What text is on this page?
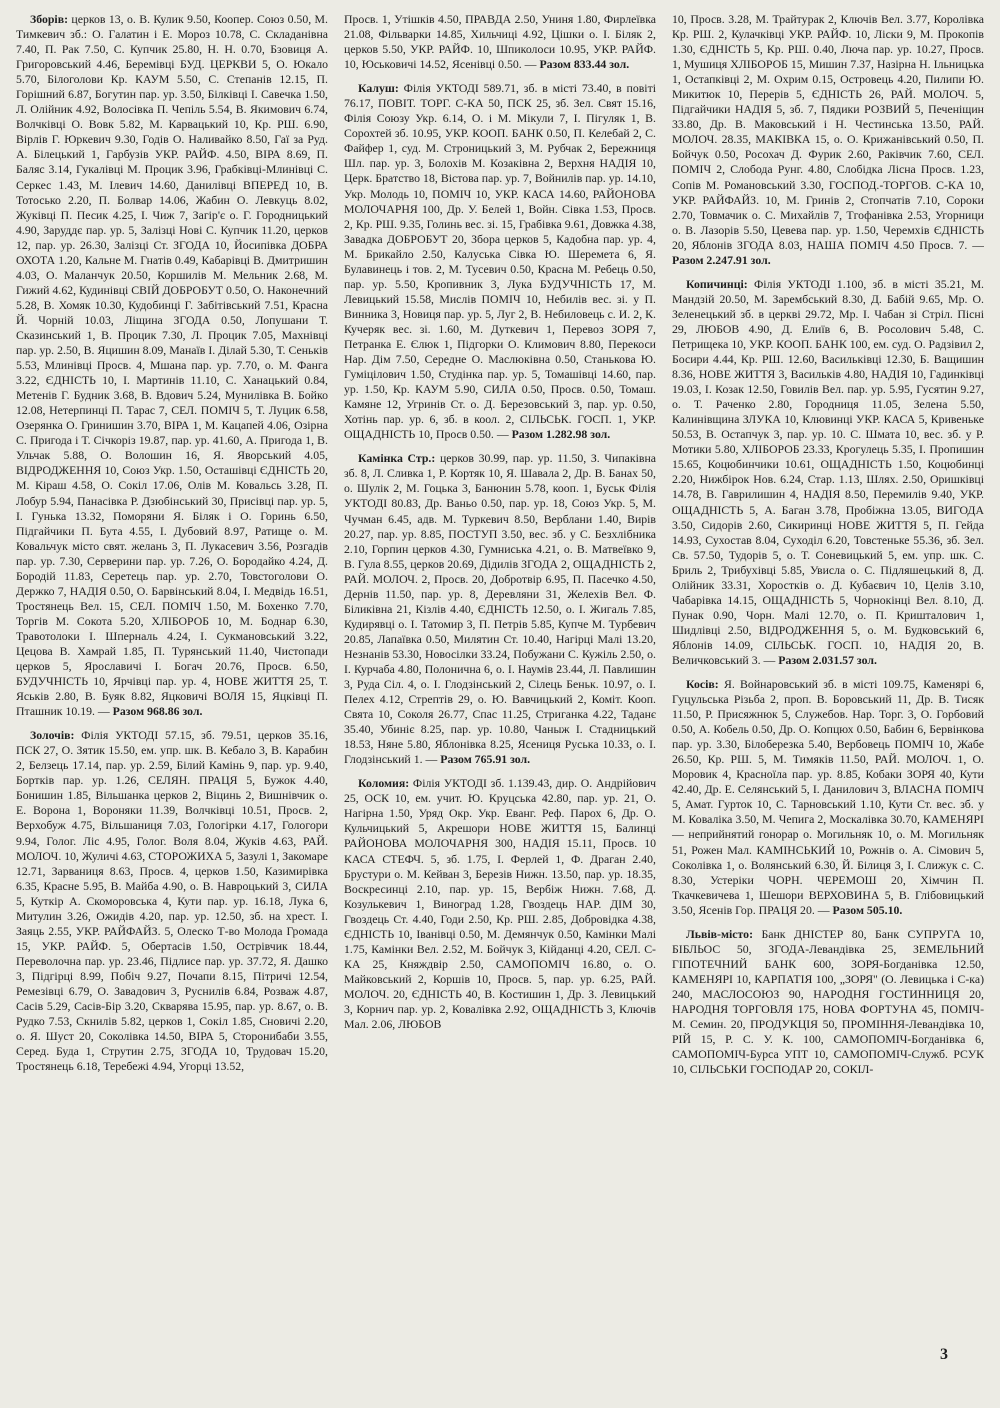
Зборів: церков 13, о. В. Кулик 9.50, Коопер. Союз 0.50, М. Тимкевич зб.: О. Галатин і Е. Мороз 10.78, С. Складанівна 7.40, П. Рак 7.50, С. Купчик 25.80, Н. Н. 0.70, Бзовиця А. Григоровський 4.46, Беремівці БУД. ЦЕРКВИ 5, О. Юкало 5.70, Білоголови Кр. КАУМ 5.50, С. Степанів 12.15, П. Горішний 6.87, Богутин пар. ур. 3.50, Білківці І. Савечка 1.50, Л. Олійник 4.92, Волосівка П. Чепіль 5.54, В. Якимович 6.74, Волчківці О. Вовк 5.82, М. Карвацький 10, Кр. РШ. 6.90, Вірлів Г. Юркевич 9.30, Годів О. Наливайко 8.50, Гаї за Руд. А. Білецький 1, Гарбузів УКР. РАЙФ. 4.50, ВІРА 8.69, П. Баляс 3.14, Гукалівці М. Процик 3.96, Грабківці-Млинівці С. Серкес 1.43, М. Ілевич 14.60, Данилівці ВПЕРЕД 10, В. Тотосько 2.20, П. Болвар 14.06, Жабин О. Левкуць 8.02, Жуківці П. Песик 4.25, І. Чиж 7, Загір'є о. Г. Городницький 4.90, Заруддє пар. ур. 5, Залізці Нові С. Купчик 11.20, церков 12, пар. ур. 26.30, Залізці Ст. ЗГОДА 10, Йосипівка ДОБРА ОХОТА 1.20, Кальне М. Гнатів 0.49, Кабарівці В. Дмитришин 4.03, О. Маланчук 20.50, Коршилів М. Мельник 2.68, М. Гижий 4.62, Кудинівці СВІЙ ДОБРОБУТ 0.50, О. Наконечний 5.28, В. Хомяк 10.30, Кудобинці Г. Забітівський 7.51, Красна Й. Чорній 10.03, Ліщина ЗГОДА 0.50, Лопушани Т. Сказинський 1, В. Процик 7.30, Л. Процик 7.05, Махнівці пар. ур. 2.50, В. Яцишин 8.09, Манаїв І. Ділай 5.30, Т. Сенькiв 5.53, Млинівці Просв. 4, Мшана пар. ур. 7.70, о. М. Фанга 3.22, ЄДНІСТЬ 10, І. Мартинів 11.10, С. Ханацький 0.84, Метенів Г. Будник 3.68, В. Вдович 5.24, Мунилівка В. Бойко 12.08, Нетерпинці П. Тарас 7, СЕЛ. ПОМІЧ 5, Т. Луцик 6.58, Озерянка О. Гринишин 3.70, ВІРА 1, М. Кацапей 4.06, Озірна С. Пригода і Т. Січкоріз 19.87, пар. ур. 41.60, А. Пригода 1, В. Ульчак 5.88, О. Волошин 16, Я. Яворський 4.05, ВІДРОДЖЕННЯ 10, Союз Укр. 1.50, Осташівці ЄДНІСТЬ 20, М. Кіраш 4.58, О. Сокіл 17.06, Олів М. Ковальсь 3.28, П. Лобур 5.94, Панасівка Р. Дзюбінський 30, Присівці пар. ур. 5, І. Гунька 13.32, Поморяни Я. Біляк і О. Горинь 6.50, Підгайчики П. Бута 4.55, І. Дубовий 8.97, Ратище о. М. Ковальчук місто свят. желань 3, П. Лукасевич 3.56, Розгадів пар. ур. 7.30, Серверини пар. ур. 7.26, О. Бородайко 4.24, Д. Бородій 11.83, Серетець пар. ур. 2.70, Товстоголови О. Держко 7, НАДІЯ 0.50, О. Барвінський 8.04, І. Медвідь 16.51, Тростянець Вел. 15, СЕЛ. ПОМІЧ 1.50, М. Бохенко 7.70, Торгів М. Сокота 5.20, ХЛІБОРОБ 10, М. Боднар 6.30, Травотолоки І. Шперналь 4.24, І. Сукмановський 3.22, Цецова В. Хамрай 1.85, П. Турянський 11.40, Чистопади церков 5, Ярославичі І. Богач 20.76, Просв. 6.50, БУДУЧНІСТЬ 10, Ярчівці пар. ур. 4, НОВЕ ЖИТТЯ 25, Т. Яськів 2.80, В. Буяк 8.82, Яцковичі ВОЛЯ 15, Яцківці П. Пташник 10.19. — Разом 968.86 зол.

Золочів: Філія УКТОДІ 57.15, зб. 79.51, церков 35.16, ПСК 27, О. Зятик 15.50, ем. упр. шк. В. Кебало 3, В. Карабин 2, Белзець 17.14, пар. ур. 2.59, Білий Камінь 9, пар. ур. 9.40, Бортків пар. ур. 1.26, СЕЛЯН. ПРАЦЯ 5, Бужок 4.40, Бонишин 1.85, Вільшанка церков 2, Віцинь 2, Вишнівчик о. Е. Ворона 1, Вороняки 11.39, Волчківці 10.51, Просв. 2, Верхобуж 4.75, Вільшаниця 7.03, Гологірки 4.17, Гологори 9.94, Голог. Ліс 4.95, Голог. Воля 8.04, Жуків 4.63, РАЙ. МОЛОЧ. 10, Жуличі 4.63, СТОРОЖИХА 5, Зазулі 1, Закомаре 12.71, Зарваниця 8.63, Просв. 4, церков 1.50, Казимирівка 6.35, Красне 5.95, В. Майба 4.90, о. В. Навроцький 3, СИЛА 5, Куткір А. Скоморовська 4, Кути пар. ур. 16.18, Лука 6, Митулин 3.26, Ожидів 4.20, пар. ур. 12.50, зб. на хрест. І. Заяць 2.55, УКР. РАЙФАЙЗ. 5, Олеско Т-во Молода Громада 15, УКР. РАЙФ. 5, Обертасів 1.50, Острівчик 18.44, Переволочна пар. ур. 23.46, Підлисе пар. ур. 37.72, Я. Дашко 3, Підгірці 8.99, Побіч 9.27, Почапи 8.15, Пітричі 12.54, Ремезівці 6.79, О. Завадович 3, Руснилів 6.84, Розваж 4.87, Сасів 5.29, Сасів-Бір 3.20, Скварява 15.95, пар. ур. 8.67, о. В. Рудко 7.53, Скнилів 5.82, церков 1, Сокіл 1.85, Сновичі 2.20, о. Я. Шуст 20, Соколівка 14.50, ВІРА 5, Сторонибаби 3.55, Серед. Буда 1, Струтин 2.75, ЗГОДА 10, Трудовач 15.20, Тростянець 6.18, Теребежі 4.94, Угорці 13.52,

Просв. 1, Утішків 4.50, ПРАВДА 2.50, Униня 1.80, Фирлеївка 21.08, Фільварки 14.85, Хильчиці 4.92, Цішки о. І. Біляк 2, церков 5.50, УКР. РАЙФ. 10, Шпиколоси 10.95, УКР. РАЙФ. 10, Юськовичі 14.52, Ясенівці 0.50. — Разом 833.44 зол.

Калуш: Філія УКТОДІ 589.71, зб. в місті 73.40, в повіті 76.17, ПОВІТ. ТОРГ. С-КА 50, ПСК 25, зб. Зел. Свят 15.16, Філія Союзу Укр. 6.14, О. і М. Мікули 7, І. Пігуляк 1, В. Сорохтей зб. 10.95, УКР. КООП. БАНК 0.50, П. Келебай 2, С. Файфер 1, суд. М. Строницький 3, М. Рубчак 2, Бережниця Шл. пар. ур. 3, Болохів М. Козаківна 2, Верхня НАДІЯ 10, Церк. Братство 18, Вістова пар. ур. 7, Войнилів пар. ур. 14.10, Укр. Молодь 10, ПОМІЧ 10, УКР. КАСА 14.60, РАЙОНОВА МОЛОЧАРНЯ 100, Др. У. Белей 1, Войн. Сівка 1.53, Просв. 2, Кр. РШ. 9.35, Голинь вес. зі. 15, Грабівка 9.61, Довжка 4.38, Завадка ДОБРОБУТ 20, Збора церков 5, Кадобна пар. ур. 4, М. Брикайло 2.50, Калуська Сівка Ю. Шеремета 6, Я. Булавинець і тов. 2, М. Тусевич 0.50, Красна М. Ребець 0.50, пар. ур. 5.50, Кропивник 3, Лука БУДУЧНІСТЬ 17, М. Левицький 15.58, Мислів ПОМІЧ 10, Небилів вес. зі. у П. Винника 3, Новиця пар. ур. 5, Луг 2, В. Небиловець с. И. 2, К. Кучеряк вес. зі. 1.60, М. Дуткевич 1, Перевоз ЗОРЯ 7, Петранка Е. Єлюк 1, Підгорки О. Климович 8.80, Перекоси Нар. Дім 7.50, Середне О. Маслюківна 0.50, Станькова Ю. Гуміцілович 1.50, Студінка пар. ур. 5, Томашівці 14.60, пар. ур. 1.50, Кр. КАУМ 5.90, СИЛА 0.50, Просв. 0.50, Томаш. Камяне 12, Угринів Ст. о. Д. Березовський 3, пар. ур. 0.50, Хотінь пар. ур. 6, зб. в коол. 2, СІЛЬСЬК. ГОСП. 1, УКР. ОЩАДНІСТЬ 10, Просв 0.50. — Разом 1.282.98 зол.

Камінка Стр.: церков 30.99, пар. ур. 11.50, З. Чипаківна зб. 8, Л. Сливка 1, Р. Кортяк 10, Я. Шавала 2, Др. В. Банах 50, о. Шулік 2, М. Гоцька 3, Банюнин 5.78, кооп. 1, Буськ Філія УКТОДІ 80.83, Др. Ваньо 0.50, пар. ур. 18, Союз Укр. 5, М. Чучман 6.45, адв. М. Туркевич 8.50, Верблани 1.40, Вирів 20.27, пар. ур. 8.85, ПОСТУП 3.50, вес. зб. у С. Безхлібника 2.10, Горпин церков 4.30, Гумниська 4.21, о. В. Матвеївко 9, В. Гула 8.55, церков 20.69, Дідилів ЗГОДА 2, ОЩАДНІСТЬ 2, РАЙ. МОЛОЧ. 2, Просв. 20, Добротвір 6.95, П. Пасечко 4.50, Дернів 11.50, пар. ур. 8, Деревляни 31, Желехів Вел. Ф. Біликівна 21, Кізлів 4.40, ЄДНІСТЬ 12.50, о. І. Жигаль 7.85, Кудирявці о. І. Татомир 3, П. Петрів 5.85, Купче М. Турбевич 20.85, Лапаївка 0.50, Милятин Ст. 10.40, Нагірці Малі 13.20, Незнанів 53.30, Новосілки 33.24, Побужани С. Кужіль 2.50, о. І. Курчаба 4.80, Полонична 6, о. І. Наумів 23.44, Л. Павлишин 3, Руда Сіл. 4, о. І. Глодзінський 2, Сілець Беньк. 10.97, о. І. Пелех 4.12, Стрептів 29, о. Ю. Вавчицький 2, Коміт. Кооп. Свята 10, Соколя 26.77, Спас 11.25, Стриганка 4.22, Таданє 35.40, Убиніє 8.25, пар. ур. 10.80, Чаныж І. Стадницький 18.53, Няне 5.80, Яблонівка 8.25, Ясениця Руська 10.33, о. І. Глодзінський 1. — Разом 765.91 зол.

Коломия: Філія УКТОДІ зб. 1.139.43, дир. О. Андрійович 25, ОСК 10, ем. учит. Ю. Круцська 42.80, пар. ур. 21, О. Нагірна 1.50, Уряд Окр. Укр. Еванг. Реф. Парох 6, Др. О. Кульчицький 5, Акрешори НОВЕ ЖИТТЯ 15, Балинці РАЙОНОВА МОЛОЧАРНЯ 300, НАДІЯ 15.11, Просв. 10 КАСА СТЕФЧ. 5, зб. 1.75, І. Ферлей 1, Ф. Драган 2.40, Брустури о. М. Кейван 3, Березів Нижн. 13.50, пар. ур. 18.35, Воскресинці 2.10, пар. ур. 15, Вербіж Нижн. 7.68, Д. Козулькевич 1, Виноград 1.28, Гвоздець НАР. ДІМ 30, Гвоздець Ст. 4.40, Годи 2.50, Кр. РШ. 2.85, Добровідка 4.38, ЄДНІСТЬ 10, Іванівці 0.50, М. Демянчук 0.50, Камінки Малі 1.75, Камінки Вел. 2.52, М. Бойчук 3, Кійданці 4.20, СЕЛ. С-КА 25, Княждвір 2.50, САМОПОМІЧ 16.80, о. О. Майковський 2, Коршів 10, Просв. 5, пар. ур. 6.25, РАЙ. МОЛОЧ. 20, ЄДНІСТЬ 40, В. Костишин 1, Др. З. Левицький 3, Корнич пар. ур. 2, Ковалівка 2.92, ОЩАДНІСТЬ 3, Ключів Мал. 2.06, ЛЮБОВ

10, Просв. 3.28, М. Трайтурак 2, Ключів Вел. 3.77, Королівка Кр. РШ. 2, Кулачківці УКР. РАЙФ. 10, Ліски 9, М. Прокопів 1.30, ЄДНІСТЬ 5, Кр. РШ. 0.40, Люча пар. ур. 10.27, Просв. 1, Мушиця ХЛІБОРОБ 15, Мишин 7.37, Назірна Н. Ільницька 1, Остапківці 2, М. Охрим 0.15, Островець 4.20, Пилипи Ю. Микитюк 10, Перерів 5, ЄДНІСТЬ 26, РАЙ. МОЛОЧ. 5, Підгайчики НАДІЯ 5, зб. 7, Пядики РОЗВИЙ 5, Печеніщин 33.80, Др. В. Маковський і Н. Честинська 13.50, РАЙ. МОЛОЧ. 28.35, МАКІВКА 15, о. О. Крижанівський 0.50, П. Бойчук 0.50, Росохач Д. Фурик 2.60, Раківчик 7.60, СЕЛ. ПОМІЧ 2, Слобода Рунг. 4.80, Слобідка Лісна Просв. 1.23, Сопів М. Романовський 3.30, ГОСПОД.-ТОРГОВ. С-КА 10, УКР. РАЙФАЙЗ. 10, М. Гринів 2, Стопчатів 7.10, Сороки 2.70, Товмачик о. С. Михайлів 7, Тгофанівка 2.53, Угорници о. В. Лазорів 5.50, Цевева пар. ур. 1.50, Черемхів ЄДНІСТЬ 20, Яблонів ЗГОДА 8.03, НАША ПОМІЧ 4.50 Просв. 7. — Разом 2.247.91 зол.

Копичинці: Філія УКТОДІ 1.100, зб. в місті 35.21, М. Мандзій 20.50, М. Зарембський 8.30, Д. Бабій 9.65, Мр. О. Зеленецький зб. в церкві 29.72, Мр. І. Чабан зі Стріл. Пісні 29, ЛЮБОВ 4.90, Д. Елиїв 6, В. Росолович 5.48, С. Петрищека 10, УКР. КООП. БАНК 100, ем. суд. О. Радзівил 2, Босири 4.44, Кр. РШ. 12.60, Васильківці 12.30, Б. Ващишин 8.36, НОВЕ ЖИТТЯ 3, Васильків 4.80, НАДІЯ 10, Гадинківці 19.03, І. Козак 12.50, Говилів Вел. пар. ур. 5.95, Гусятин 9.27, о. Т. Раченко 2.80, Городниця 11.05, Зелена 5.50, Калинівщина ЗЛУКА 10, Клювинці УКР. КАСА 5, Кривеньке 50.53, В. Остапчук 3, пар. ур. 10. С. Шмата 10, вес. зб. у Р. Мотики 5.80, ХЛІБОРОБ 23.33, Крогулець 5.35, І. Пропишин 15.65, Коцюбинчики 10.61, ОЩАДНІСТЬ 1.50, Коцюбинці 2.20, Нижбірок Нов. 6.24, Стар. 1.13, Шлях. 2.50, Оришківці 14.78, В. Гаврилишин 4, НАДІЯ 8.50, Перемилів 9.40, УКР. ОЩАДНІСТЬ 5, А. Баган 3.78, Пробіжна 13.05, ВИГОДА 3.50, Сидорів 2.60, Сикиринці НОВЕ ЖИТТЯ 5, П. Гейда 14.93, Сухостав 8.04, Суходіл 6.20, Товстеньке 55.36, зб. Зел. Св. 57.50, Тудорів 5, о. Т. Соневицький 5, ем. упр. шк. С. Бриль 2, Трибухівці 5.85, Увисла о. С. Підляшецький 8, Д. Олійник 33.31, Хоростків о. Д. Кубаєвич 10, Целів 3.10, Чабарівка 14.15, ОЩАДНІСТЬ 5, Чорнокінці Вел. 8.10, Д. Пунак 0.90, Чорн. Малі 12.70, о. П. Кришталович 1, Шидлівці 2.50, ВІДРОДЖЕННЯ 5, о. М. Будковський 6, Яблонів 14.09, СІЛЬСЬК. ГОСП. 10, НАДІЯ 20, В. Величковський 3. — Разом 2.031.57 зол.

Косів: Я. Войнаровський зб. в місті 109.75, Каменярі 6, Гуцульська Різьба 2, проп. В. Боровський 11, Др. В. Тисяк 11.50, Р. Присяжнюк 5, Служебов. Нар. Торг. 3, О. Горбовий 0.50, А. Кобель 0.50, Др. О. Копцюх 0.50, Бабин 6, Бервінкова пар. ур. 3.30, Білоберезка 5.40, Вербовець ПОМІЧ 10, Жабе 26.50, Кр. РШ. 5, М. Тимяків 11.50, РАЙ. МОЛОЧ. 1, О. Моровик 4, Красноїла пар. ур. 8.85, Кобаки ЗОРЯ 40, Кути 42.40, Др. Е. Селянський 5, І. Данилович 3, ВЛАСНА ПОМІЧ 5, Амат. Гурток 10, С. Тарновський 1.10, Кути Ст. вес. зб. у М. Коваліка 3.50, М. Чепига 2, Москалівка 30.70, КАМЕНЯРІ — неприйнятий гонорар о. Могильняк 10, о. М. Могильняк 51, Рожен Мал. КАМІНСЬКИЙ 10, Рожнів о. А. Сімович 5, Соколівка 1, о. Волянський 6.30, Й. Білиця 3, І. Слижук с. С. 8.30, Устеріки ЧОРН. ЧЕРЕМОШ 20, Хімчин П. Ткачкевичева 1, Шешори ВЕРХОВИНА 5, В. Глібовицький 3.50, Ясенів Гор. ПРАЦЯ 20. — Разом 505.10.

Львів-місто: Банк ДНІСТЕР 80, Банк СУПРУГА 10, БІБЛЬОС 50, ЗГОДА-Левандівка 25, ЗЕМЕЛЬНИЙ ГІПОТЕЧНИЙ БАНК 600, ЗОРЯ-Богданівка 12.50, КАМЕНЯРІ 10, КАРПАТІЯ 100, „ЗОРЯ" (О. Левицька і С-ка) 240, МАСЛОСОЮЗ 90, НАРОДНЯ ГОСТИННИЦЯ 20, НАРОДНЯ ТОРГОВЛЯ 175, НОВА ФОРТУНА 45, ПОМІЧ-М. Семин. 20, ПРОДУКЦІЯ 50, ПРОМІННЯ-Левандівка 10, РІЙ 15, Р. С. У. К. 100, САМОПОМІЧ-Богданівка 6, САМОПОМІЧ-Бурса УПТ 10, САМОПОМІЧ-Служб. РСУК 10, СІЛЬСЬКИ ГОСПОДАР 20, СОКІЛ-

3
